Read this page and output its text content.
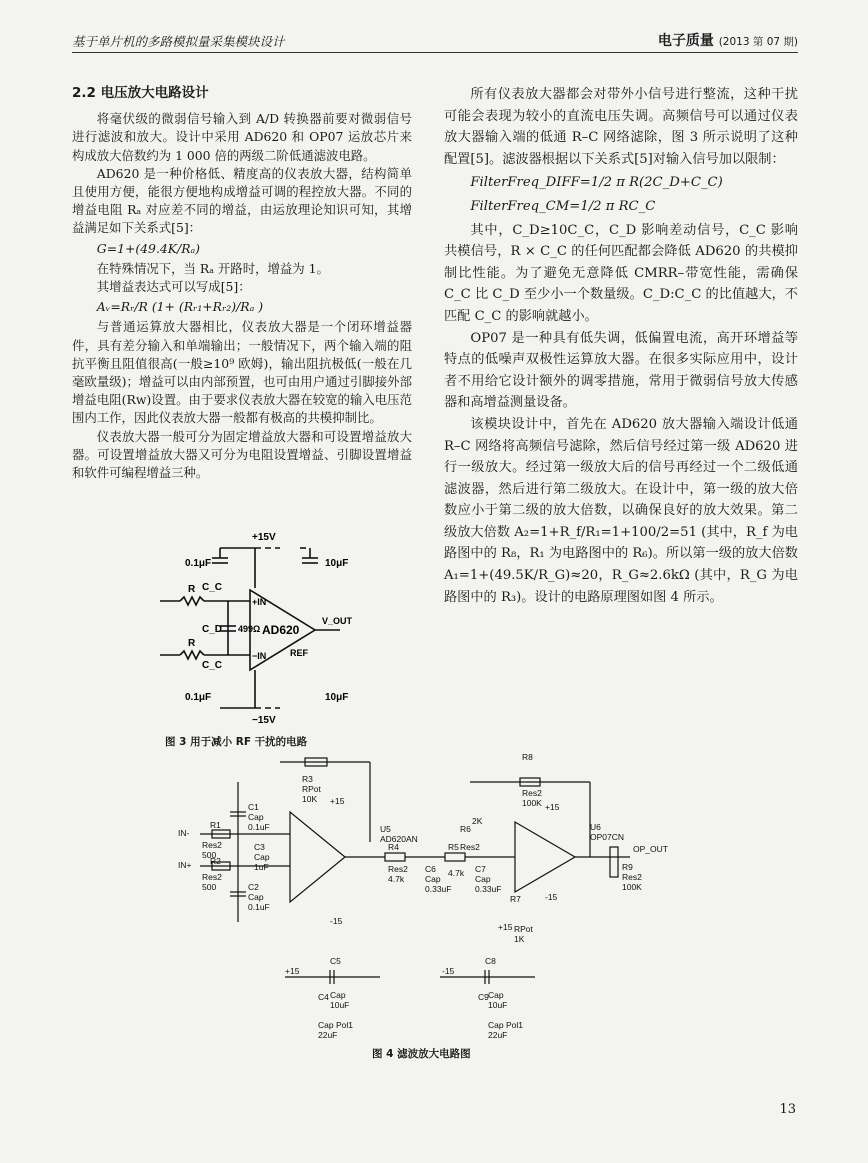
基于单片机的多路模拟量采集模块设计	电子质量 (2013 第 07 期)
2.2 电压放大电路设计

将毫伏级的微弱信号输入到 A/D 转换器前要对微弱信号进行滤波和放大。设计中采用 AD620 和 OP07 运放芯片来构成放大倍数约为 1 000 倍的两级二阶低通滤波电路。

AD620 是一种价格低、精度高的仪表放大器，结构简单且使用方便，能很方便地构成增益可调的程控放大器。不同的增益电阻 Rₐ 对应差不同的增益，由运放理论知识可知，其增益满足如下关系式[5]：

G=1+(49.4K/Rₐ)

在特殊情况下，当 Rₐ 开路时，增益为 1。

其增益表达式可以写成[5]：

Aᵥ=Rᵣ/R (1+ (Rᵣ₁+Rᵣ₂)/Rₐ )

与普通运算放大器相比，仪表放大器是一个闭环增益器件，具有差分输入和单端输出；一般情况下，两个输入端的阻抗平衡且阻值很高(一般≥10⁹ 欧姆)，输出阻抗极低(一般在几毫欧量级)；增益可以由内部预置，也可由用户通过引脚接外部增益电阻(Rw)设置。由于要求仪表放大器在较宽的输入电压范围内工作，因此仪表放大器一般都有极高的共模抑制比。

仪表放大器一般可分为固定增益放大器和可设置增益放大器。可设置增益放大器又可分为电阻设置增益、引脚设置增益和软件可编程增益三种。

所有仪表放大器都会对带外小信号进行整流，这种干扰可能会表现为较小的直流电压失调。高频信号可以通过仪表放大器输入端的低通 R–C 网络滤除，图 3 所示说明了这种配置[5]。滤波器根据以下关系式[5]对输入信号加以限制：

FilterFreq_DIFF=1/2 π R(2C_D+C_C)

FilterFreq_CM=1/2 π RC_C

其中，C_D≥10C_C，C_D 影响差动信号，C_C 影响共模信号，R × C_C 的任何匹配都会降低 AD620 的共模抑制比性能。为了避免无意降低 CMRR–带宽性能，需确保 C_C 比 C_D 至少小一个数量级。C_D:C_C 的比值越大，不匹配 C_C 的影响就越小。

OP07 是一种具有低失调，低偏置电流，高开环增益等特点的低噪声双极性运算放大器。在很多实际应用中，设计者不用给它设计额外的调零措施，常用于微弱信号放大传感器和高增益测量设备。

该模块设计中，首先在 AD620 放大器输入端设计低通 R–C 网络将高频信号滤除，然后信号经过第一级 AD620 进行一级放大。经过第一级放大后的信号再经过一个二级低通滤波器，然后进行第二级放大。在设计中，第一级的放大倍数应小于第二级的放大倍数，以确保良好的放大效果。第二级放大倍数 A₂=1+R_f/R₁=1+100/2=51 (其中，R_f 为电路图中的 R₈，R₁ 为电路图中的 R₆)。所以第一级的放大倍数 A₁=1+(49.5K/R_G)≈20，R_G≈2.6kΩ (其中，R_G 为电路图中的 R₃)。设计的电路原理图如图 4 所示。

+15V
0.1μF	10μF
R
R
C_C
C_D
C_C
499Ω
+IN
−IN
AD620
V_OUT
REF
0.1μF	10μF
−15V
图 3 用于减小 RF 干扰的电路
R3
RPot
10K +15
U5
AD620AN
C1
Cap
0.1uF
IN-
R1
Res2
500
C3
Cap
1uF
IN+ R2
Res2
500	C2
Cap
0.1uF
-15
R4
Res2
4.7k
C6
Cap
0.33uF
R5 Res2
4.7k C7
Cap
0.33uF
R6
2K
R8
Res2
100K
U6
OP07CN
OP_OUT
+15
-15
R9
Res2
100K
R7
+15 RPot
1K
C5
+15
Cap
10uF
C4
Cap Pol1
22uF
C8
-15
Cap
10uF
C9
Cap Pol1
22uF
图 4 滤波放大电路图
13
